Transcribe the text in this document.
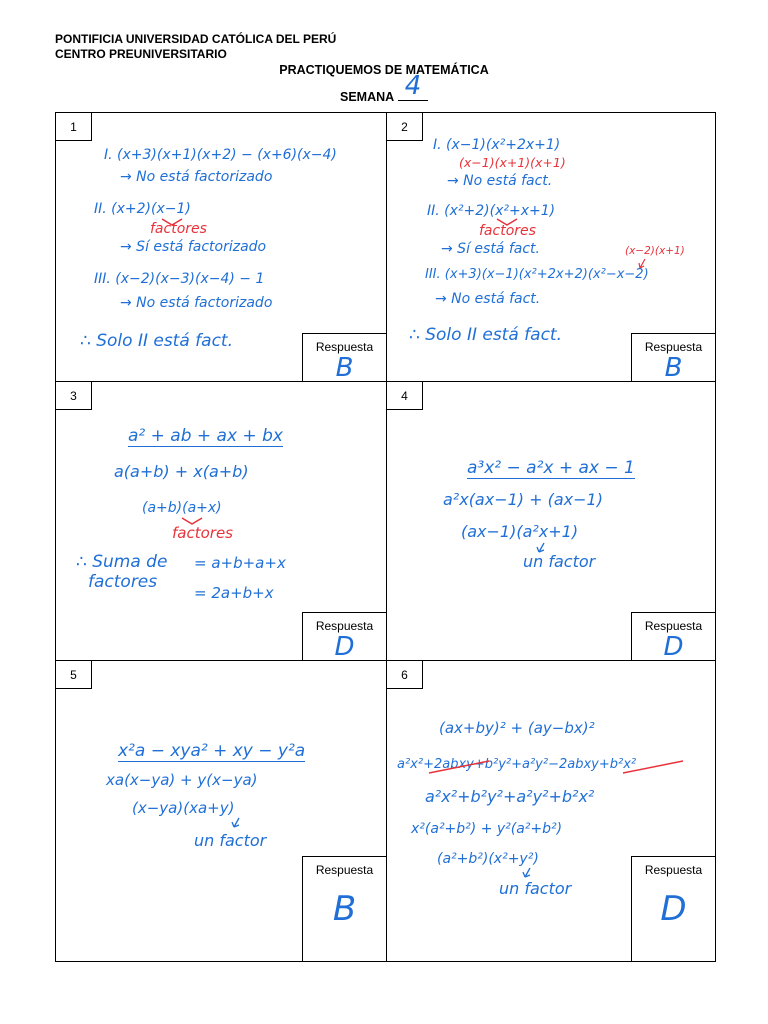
PONTIFICIA UNIVERSIDAD CATÓLICA DEL PERÚ
CENTRO PREUNIVERSITARIO
PRACTIQUEMOS DE MATEMÁTICA
SEMANA 4
1
I. (x+3)(x+1)(x+2) − (x+6)(x−4)
→ No está factorizado
II. (x+2)(x−1)
factores
→ Sí está factorizado
III. (x−2)(x−3)(x−4) − 1
→ No está factorizado
∴ Solo II está fact.	Respuesta
B
2
I. (x−1)(x²+2x+1)
(x−1)(x+1)(x+1)
→ No está fact.
II. (x²+2)(x²+x+1)
factores
→ Sí está fact.	(x−2)(x+1)
III. (x+3)(x−1)(x²+2x+2)(x²−x−2)
→ No está fact.
∴ Solo II está fact.
Respuesta
B
3
a² + ab + ax + bx
a(a+b) + x(a+b)
(a+b)(a+x)
factores
∴ Suma de
factores
= a+b+a+x
= 2a+b+x
Respuesta
D
4
a³x² − a²x + ax − 1
a²x(ax−1) + (ax−1)
(ax−1)(a²x+1)
un factor
Respuesta
D
5
x²a − xya² + xy − y²a
xa(x−ya) + y(x−ya)
(x−ya)(xa+y)
un factor
Respuesta
B
6
(ax+by)² + (ay−bx)²
a²x²+2abxy+b²y²+a²y²−2abxy+b²x²
a²x²+b²y²+a²y²+b²x²
x²(a²+b²) + y²(a²+b²)
(a²+b²)(x²+y²)
un factor
Respuesta
D
